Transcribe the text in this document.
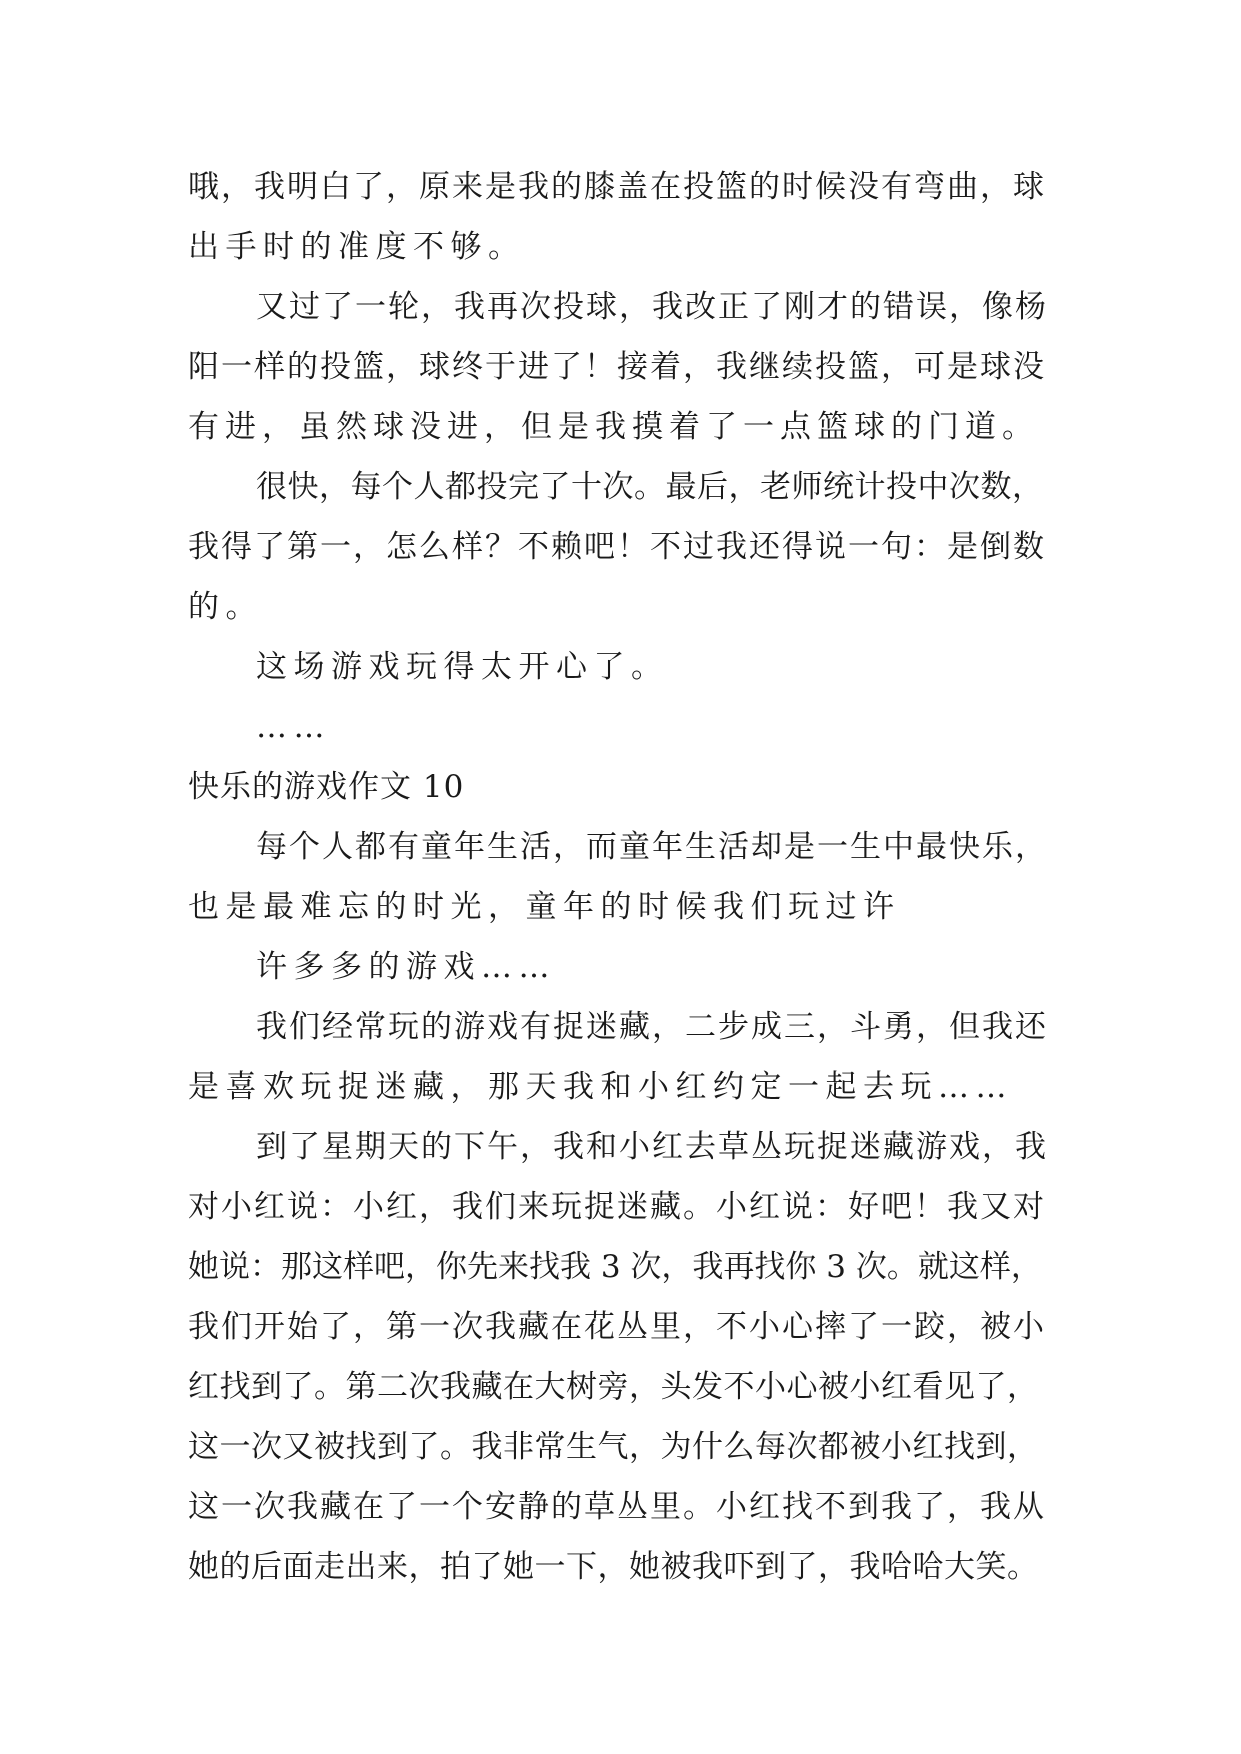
哦，我明白了，原来是我的膝盖在投篮的时候没有弯曲，球

出手时的准度不够。

又过了一轮，我再次投球，我改正了刚才的错误，像杨

阳一样的投篮，球终于进了！接着，我继续投篮，可是球没

有进，虽然球没进，但是我摸着了一点篮球的门道。

很快，每个人都投完了十次。最后，老师统计投中次数，

我得了第一，怎么样？不赖吧！不过我还得说一句：是倒数

的。

这场游戏玩得太开心了。

……

快乐的游戏作文 10

每个人都有童年生活，而童年生活却是一生中最快乐，

也是最难忘的时光，童年的时候我们玩过许

许多多的游戏……

我们经常玩的游戏有捉迷藏，二步成三，斗勇，但我还

是喜欢玩捉迷藏，那天我和小红约定一起去玩……

到了星期天的下午，我和小红去草丛玩捉迷藏游戏，我

对小红说：小红，我们来玩捉迷藏。小红说：好吧！我又对

她说：那这样吧，你先来找我 3 次，我再找你 3 次。就这样，

我们开始了，第一次我藏在花丛里，不小心摔了一跤，被小

红找到了。第二次我藏在大树旁，头发不小心被小红看见了，

这一次又被找到了。我非常生气，为什么每次都被小红找到，

这一次我藏在了一个安静的草丛里。小红找不到我了，我从

她的后面走出来，拍了她一下，她被我吓到了，我哈哈大笑。
